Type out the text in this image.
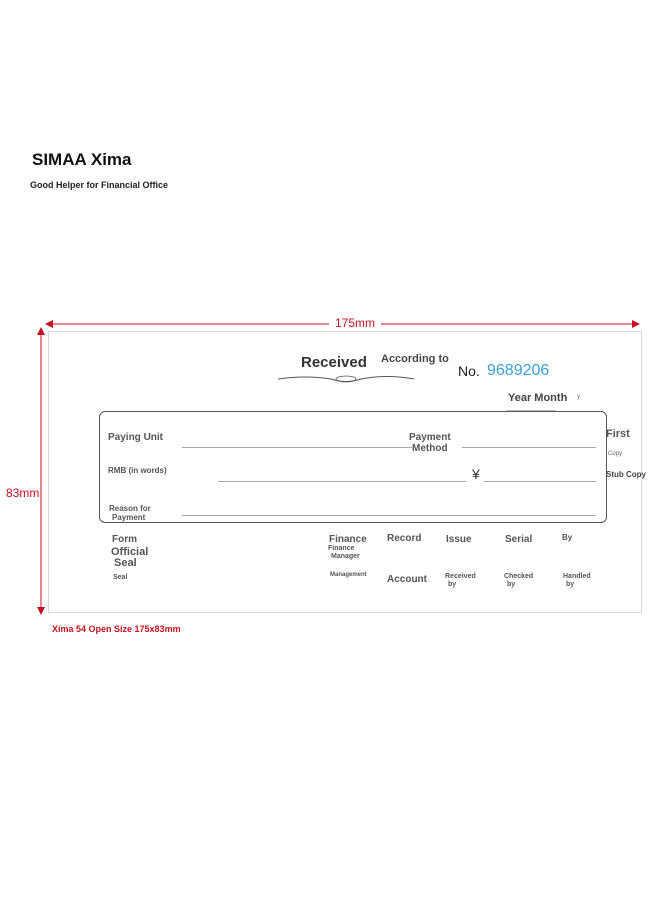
SIMAA Xima
Good Helper for Financial Office
175mm
83mm
Received According to
No. 9689206
Year Month y
Paying Unit	Payment
Method
RMB (in words)	¥
Reason for
Payment
First
Copy
Stub Copy
Form
Official
Seal
Seal
Finance
Finance
Manager
Management
Record
Account
Issue
Received
by
Serial
Checked
by
By
Handled
by
Xima 54 Open Size 175x83mm
